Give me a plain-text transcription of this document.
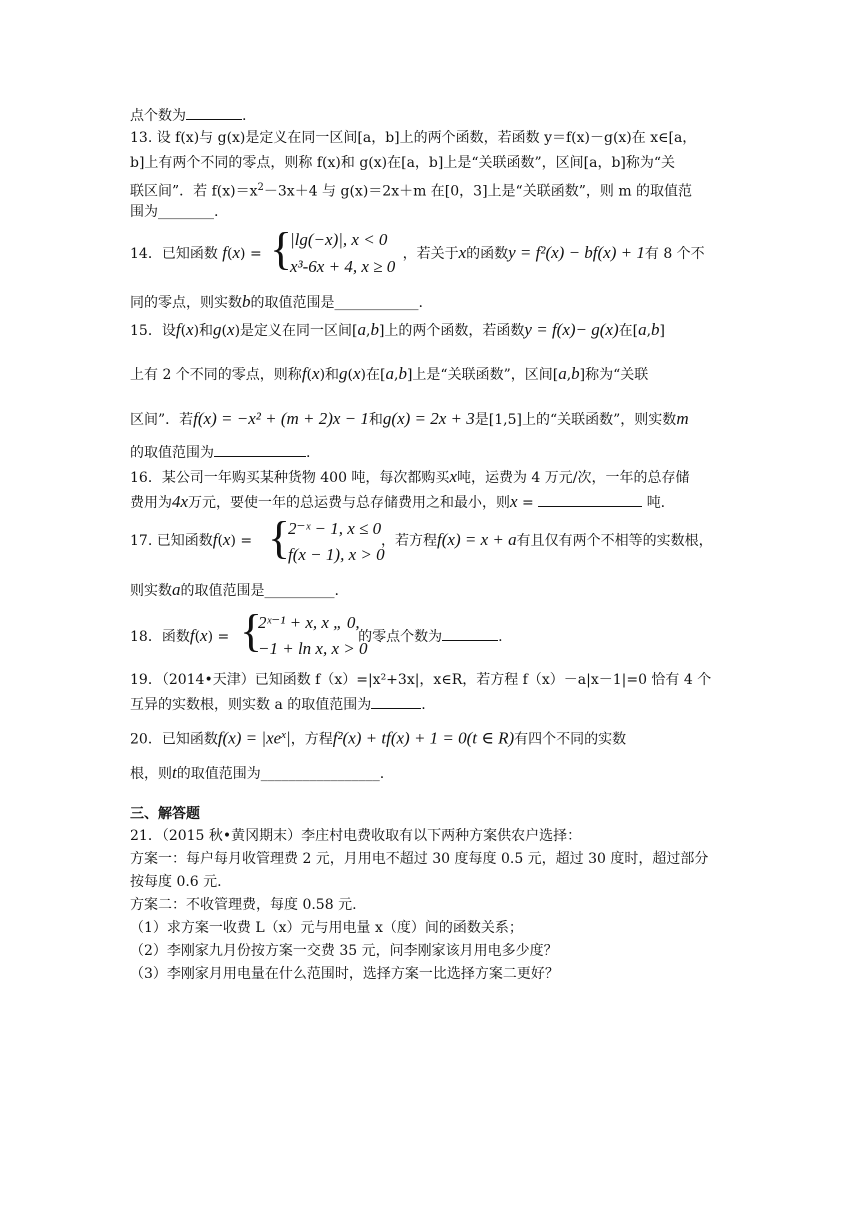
点个数为	.
13. 设 f(x)与 g(x)是定义在同一区间[a，b]上的两个函数，若函数 y＝f(x)－g(x)在 x∈[a，
b]上有两个不同的零点，则称 f(x)和 g(x)在[a，b]上是“关联函数”，区间[a，b]称为“关
联区间”．若 $f(x)=x^2-3x+4$ 与 g(x)＝2x＋m 在[0，3]上是“关联函数”，则 m 的取值范
围为________.
14．已知函数 f(x) =	，若关于x的函数y = f²(x) − bf(x) + 1有 8 个不
{
|lg(−x)|, x < 0
x³-6x + 4, x ≥ 0
同的零点，则实数b的取值范围是____________.
15．设f(x)和g(x)是定义在同一区间[a,b]上的两个函数，若函数y = f(x)− g(x)在[a,b]
上有 2 个不同的零点，则称f(x)和g(x)在[a,b]上是“关联函数”，区间[a,b]称为“关联
区间”．若f(x) = −x² + (m + 2)x − 1和g(x) = 2x + 3是[1,5]上的“关联函数”，则实数m
的取值范围为	.
16．某公司一年购买某种货物 400 吨，每次都购买x吨，运费为 4 万元/次，一年的总存储
费用为4x万元，要使一年的总运费与总存储费用之和最小，则x =	吨.
17. 已知函数f(x) =	，若方程f(x) = x + a有且仅有两个不相等的实数根，
{
2⁻ˣ − 1, x ≤ 0
f(x − 1), x > 0
则实数a的取值范围是__________.
18．函数f(x) =	的零点个数为	.
{
2ˣ⁻¹ + x, x „ 0,
−1 + ln x, x > 0
19．（2014•天津）已知函数 f（x）=|x²+3x|，x∈R，若方程 f（x）－a|x－1|=0 恰有 4 个
互异的实数根，则实数 a 的取值范围为	.
20．已知函数$f(x) = |xe^x|$，方程f²(x) + tf(x) + 1 = 0(t ∈ R)有四个不同的实数
根，则t的取值范围为_________________.
三、解答题
21．（2015 秋•黄冈期末）李庄村电费收取有以下两种方案供农户选择：
方案一：每户每月收管理费 2 元，月用电不超过 30 度每度 0.5 元，超过 30 度时，超过部分
按每度 0.6 元.
方案二：不收管理费，每度 0.58 元.
（1）求方案一收费 L（x）元与用电量 x（度）间的函数关系；
（2）李刚家九月份按方案一交费 35 元，问李刚家该月用电多少度？
（3）李刚家月用电量在什么范围时，选择方案一比选择方案二更好？
